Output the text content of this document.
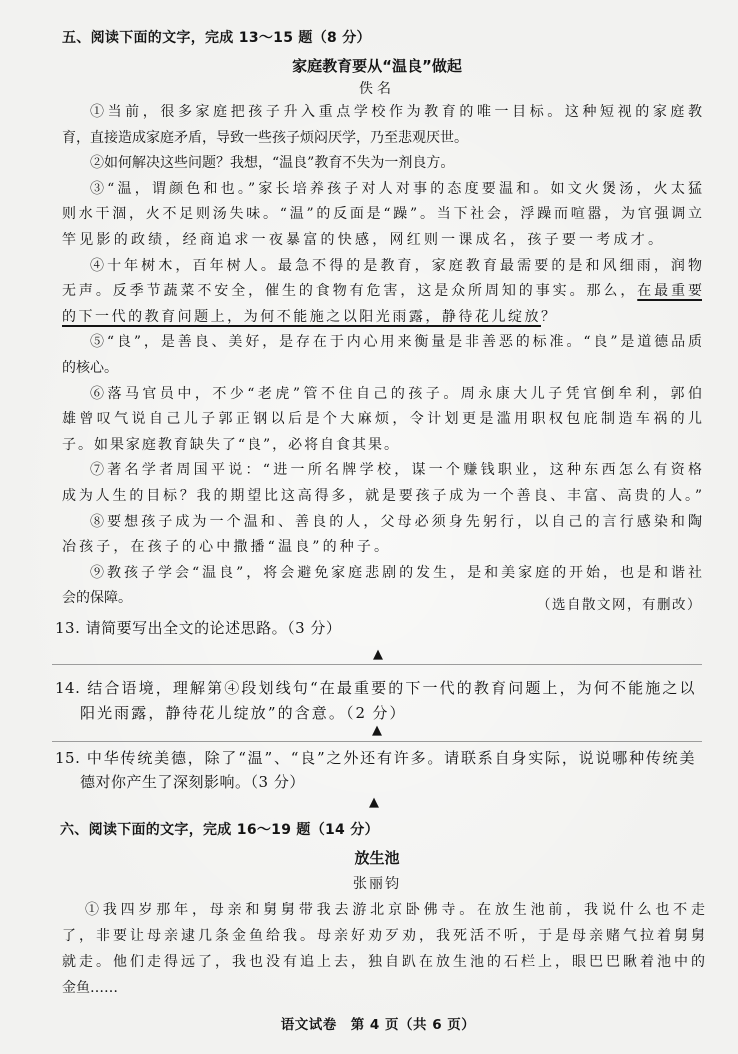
五、阅读下面的文字，完成 13～15 题（8 分）
家庭教育要从“温良”做起
佚名
①当前，很多家庭把孩子升入重点学校作为教育的唯一目标。这种短视的家庭教
育，直接造成家庭矛盾，导致一些孩子烦闷厌学，乃至悲观厌世。
②如何解决这些问题？我想，“温良”教育不失为一剂良方。
③“温，谓颜色和也。”家长培养孩子对人对事的态度要温和。如文火煲汤，火太猛
则水干涸，火不足则汤失味。“温”的反面是“躁”。当下社会，浮躁而喧嚣，为官强调立
竿见影的政绩，经商追求一夜暴富的快感，网红则一课成名，孩子要一考成才。
④十年树木，百年树人。最急不得的是教育，家庭教育最需要的是和风细雨，润物
无声。反季节蔬菜不安全，催生的食物有危害，这是众所周知的事实。那么，在最重要
的下一代的教育问题上，为何不能施之以阳光雨露，静待花儿绽放？
⑤“良”，是善良、美好，是存在于内心用来衡量是非善恶的标准。“良”是道德品质
的核心。
⑥落马官员中，不少“老虎”管不住自己的孩子。周永康大儿子凭官倒牟利，郭伯
雄曾叹气说自己儿子郭正钢以后是个大麻烦，令计划更是滥用职权包庇制造车祸的儿
子。如果家庭教育缺失了“良”，必将自食其果。
⑦著名学者周国平说：“进一所名牌学校，谋一个赚钱职业，这种东西怎么有资格
成为人生的目标？我的期望比这高得多，就是要孩子成为一个善良、丰富、高贵的人。”
⑧要想孩子成为一个温和、善良的人，父母必须身先躬行，以自己的言行感染和陶
冶孩子，在孩子的心中撒播“温良”的种子。
⑨教孩子学会“温良”，将会避免家庭悲剧的发生，是和美家庭的开始，也是和谐社
会的保障。	（选自散文网，有删改）
13. 请简要写出全文的论述思路。（3 分）
▲
14. 结合语境，理解第④段划线句“在最重要的下一代的教育问题上，为何不能施之以
阳光雨露，静待花儿绽放”的含意。（2 分）
▲
15. 中华传统美德，除了“温”、“良”之外还有许多。请联系自身实际，说说哪种传统美
德对你产生了深刻影响。（3 分）
▲
六、阅读下面的文字，完成 16～19 题（14 分）
放生池
张丽钧
①我四岁那年，母亲和舅舅带我去游北京卧佛寺。在放生池前，我说什么也不走
了，非要让母亲逮几条金鱼给我。母亲好劝歹劝，我死活不听，于是母亲赌气拉着舅舅
就走。他们走得远了，我也没有追上去，独自趴在放生池的石栏上，眼巴巴瞅着池中的
金鱼……
语文试卷　第 4 页（共 6 页）
